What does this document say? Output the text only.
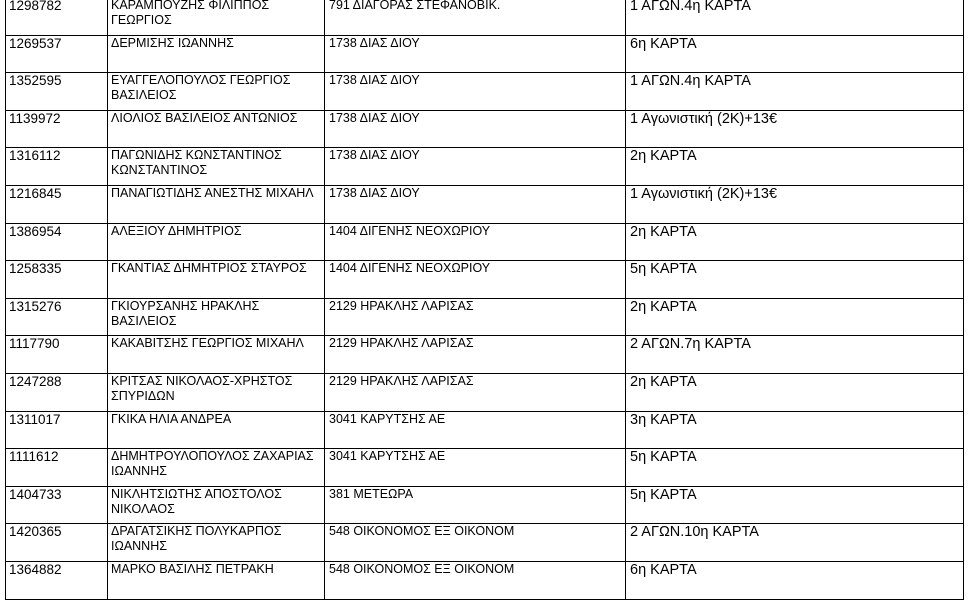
1298782	ΚΑΡΑΜΠΟΥΖΗΣ ΦΙΛΙΠΠΟΣ ΓΕΩΡΓΙΟΣ	791 ΔΙΑΓΟΡΑΣ ΣΤΕΦΑΝΟΒΙΚ.	1 ΑΓΩΝ.4η ΚΑΡΤΑ

1269537	ΔΕΡΜΙΣΗΣ ΙΩΑΝΝΗΣ	1738 ΔΙΑΣ ΔΙΟΥ	6η ΚΑΡΤΑ

1352595	ΕΥΑΓΓΕΛΟΠΟΥΛΟΣ ΓΕΩΡΓΙΟΣ ΒΑΣΙΛΕΙΟΣ	1738 ΔΙΑΣ ΔΙΟΥ	1 ΑΓΩΝ.4η ΚΑΡΤΑ

1139972	ΛΙΟΛΙΟΣ ΒΑΣΙΛΕΙΟΣ ΑΝΤΩΝΙΟΣ	1738 ΔΙΑΣ ΔΙΟΥ	1 Αγωνιστική (2Κ)+13€

1316112	ΠΑΓΩΝΙΔΗΣ ΚΩΝΣΤΑΝΤΙΝΟΣ ΚΩΝΣΤΑΝΤΙΝΟΣ	1738 ΔΙΑΣ ΔΙΟΥ	2η ΚΑΡΤΑ

1216845	ΠΑΝΑΓΙΩΤΙΔΗΣ ΑΝΕΣΤΗΣ ΜΙΧΑΗΛ	1738 ΔΙΑΣ ΔΙΟΥ	1 Αγωνιστική (2Κ)+13€

1386954	ΑΛΕΞΙΟΥ ΔΗΜΗΤΡΙΟΣ	1404 ΔΙΓΕΝΗΣ ΝΕΟΧΩΡΙΟΥ	2η ΚΑΡΤΑ

1258335	ΓΚΑΝΤΙΑΣ ΔΗΜΗΤΡΙΟΣ ΣΤΑΥΡΟΣ	1404 ΔΙΓΕΝΗΣ ΝΕΟΧΩΡΙΟΥ	5η ΚΑΡΤΑ

1315276	ΓΚΙΟΥΡΣΑΝΗΣ ΗΡΑΚΛΗΣ ΒΑΣΙΛΕΙΟΣ	2129 ΗΡΑΚΛΗΣ ΛΑΡΙΣΑΣ	2η ΚΑΡΤΑ

1117790	ΚΑΚΑΒΙΤΣΗΣ ΓΕΩΡΓΙΟΣ ΜΙΧΑΗΛ	2129 ΗΡΑΚΛΗΣ ΛΑΡΙΣΑΣ	2 ΑΓΩΝ.7η ΚΑΡΤΑ

1247288	ΚΡΙΤΣΑΣ ΝΙΚΟΛΑΟΣ-ΧΡΗΣΤΟΣ ΣΠΥΡΙΔΩΝ	2129 ΗΡΑΚΛΗΣ ΛΑΡΙΣΑΣ	2η ΚΑΡΤΑ

1311017	ΓΚΙΚΑ ΗΛΙΑ ΑΝΔΡΕΑ	3041 ΚΑΡΥΤΣΗΣ ΑΕ	3η ΚΑΡΤΑ

1111612	ΔΗΜΗΤΡΟΥΛΟΠΟΥΛΟΣ ΖΑΧΑΡΙΑΣ ΙΩΑΝΝΗΣ	3041 ΚΑΡΥΤΣΗΣ ΑΕ	5η ΚΑΡΤΑ

1404733	ΝΙΚΛΗΤΣΙΩΤΗΣ ΑΠΟΣΤΟΛΟΣ ΝΙΚΟΛΑΟΣ	381 ΜΕΤΕΩΡΑ	5η ΚΑΡΤΑ

1420365	ΔΡΑΓΑΤΣΙΚΗΣ ΠΟΛΥΚΑΡΠΟΣ ΙΩΑΝΝΗΣ	548 ΟΙΚΟΝΟΜΟΣ ΕΞ ΟΙΚΟΝΟΜ	2 ΑΓΩΝ.10η ΚΑΡΤΑ

1364882	ΜΑΡΚΟ ΒΑΣΙΛΗΣ ΠΕΤΡΑΚΗ	548 ΟΙΚΟΝΟΜΟΣ ΕΞ ΟΙΚΟΝΟΜ	6η ΚΑΡΤΑ
